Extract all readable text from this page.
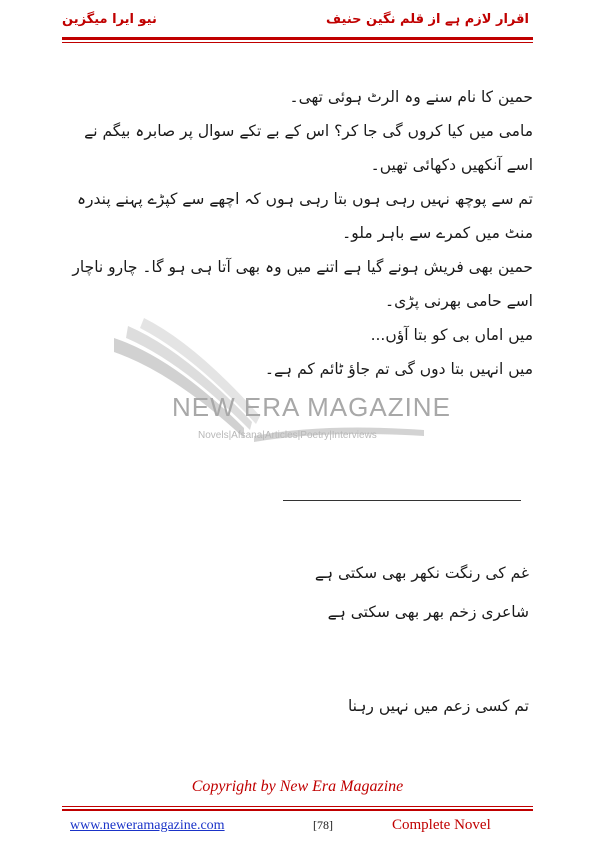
نیو ایرا میگزین	اقرار لازم ہے از قلم نگین حنیف
NEW ERA MAGAZINE
Novels|Afsana|Articles|Poetry|Interviews

حمین کا نام سنے وہ الرٹ ہوئی تھی۔

مامی میں کیا کروں گی جا کر؟ اس کے بے تکے سوال پر صابرہ بیگم نے اسے آنکھیں دکھائی تھیں۔

تم سے پوچھ نہیں رہی ہوں بتا رہی ہوں کہ اچھے سے کپڑے پہنے پندرہ منٹ میں کمرے سے باہر ملو۔

حمین بھی فریش ہونے گیا ہے اتنے میں وہ بھی آتا ہی ہو گا۔ چارو ناچار اسے حامی بھرنی پڑی۔

میں اماں بی کو بتا آؤں...

میں انہیں بتا دوں گی تم جاؤ ٹائم کم ہے۔

غم کی رنگت نکھر بھی سکتی ہے
شاعری زخم بھر بھی سکتی ہے
تم کسی زعم میں نہیں رہنا
Copyright by New Era Magazine
www.neweramagazine.com	[78]	Complete Novel
